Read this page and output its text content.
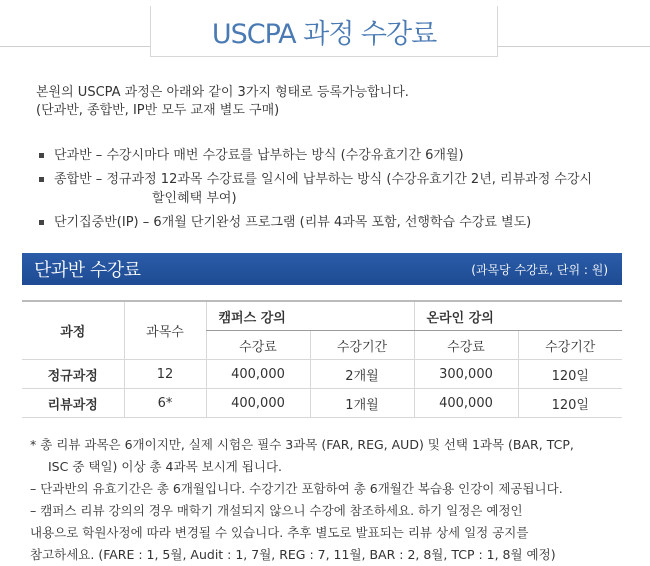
USCPA 과정 수강료
본원의 USCPA 과정은 아래와 같이 3가지 형태로 등록가능합니다.
(단과반, 종합반, IP반 모두 교재 별도 구매)
단과반 – 수강시마다 매번 수강료를 납부하는 방식 (수강유효기간 6개월)
종합반 – 정규과정 12과목 수강료를 일시에 납부하는 방식 (수강유효기간 2년, 리뷰과정 수강시
할인혜택 부여)
단기집중반(IP) – 6개월 단기완성 프로그램 (리뷰 4과목 포함, 선행학습 수강료 별도)
단과반 수강료	(과목당 수강료, 단위 : 원)
과정	과목수	캠퍼스 강의		온라인 강의	
		수강료	수강기간	수강료	수강기간
정규과정	12	400,000	2개월	300,000	120일
리뷰과정	6*	400,000	1개월	400,000	120일
* 총 리뷰 과목은 6개이지만, 실제 시험은 필수 3과목 (FAR, REG, AUD) 및 선택 1과목 (BAR, TCP,
ISC 중 택일) 이상 총 4과목 보시게 됩니다.
– 단과반의 유효기간은 총 6개월입니다. 수강기간 포함하여 총 6개월간 복습용 인강이 제공됩니다.
– 캠퍼스 리뷰 강의의 경우 매학기 개설되지 않으니 수강에 참조하세요. 하기 일정은 예정인
내용으로 학원사정에 따라 변경될 수 있습니다. 추후 별도로 발표되는 리뷰 상세 일정 공지를
참고하세요. (FARE : 1, 5월, Audit : 1, 7월, REG : 7, 11월, BAR : 2, 8월, TCP : 1, 8월 예정)
